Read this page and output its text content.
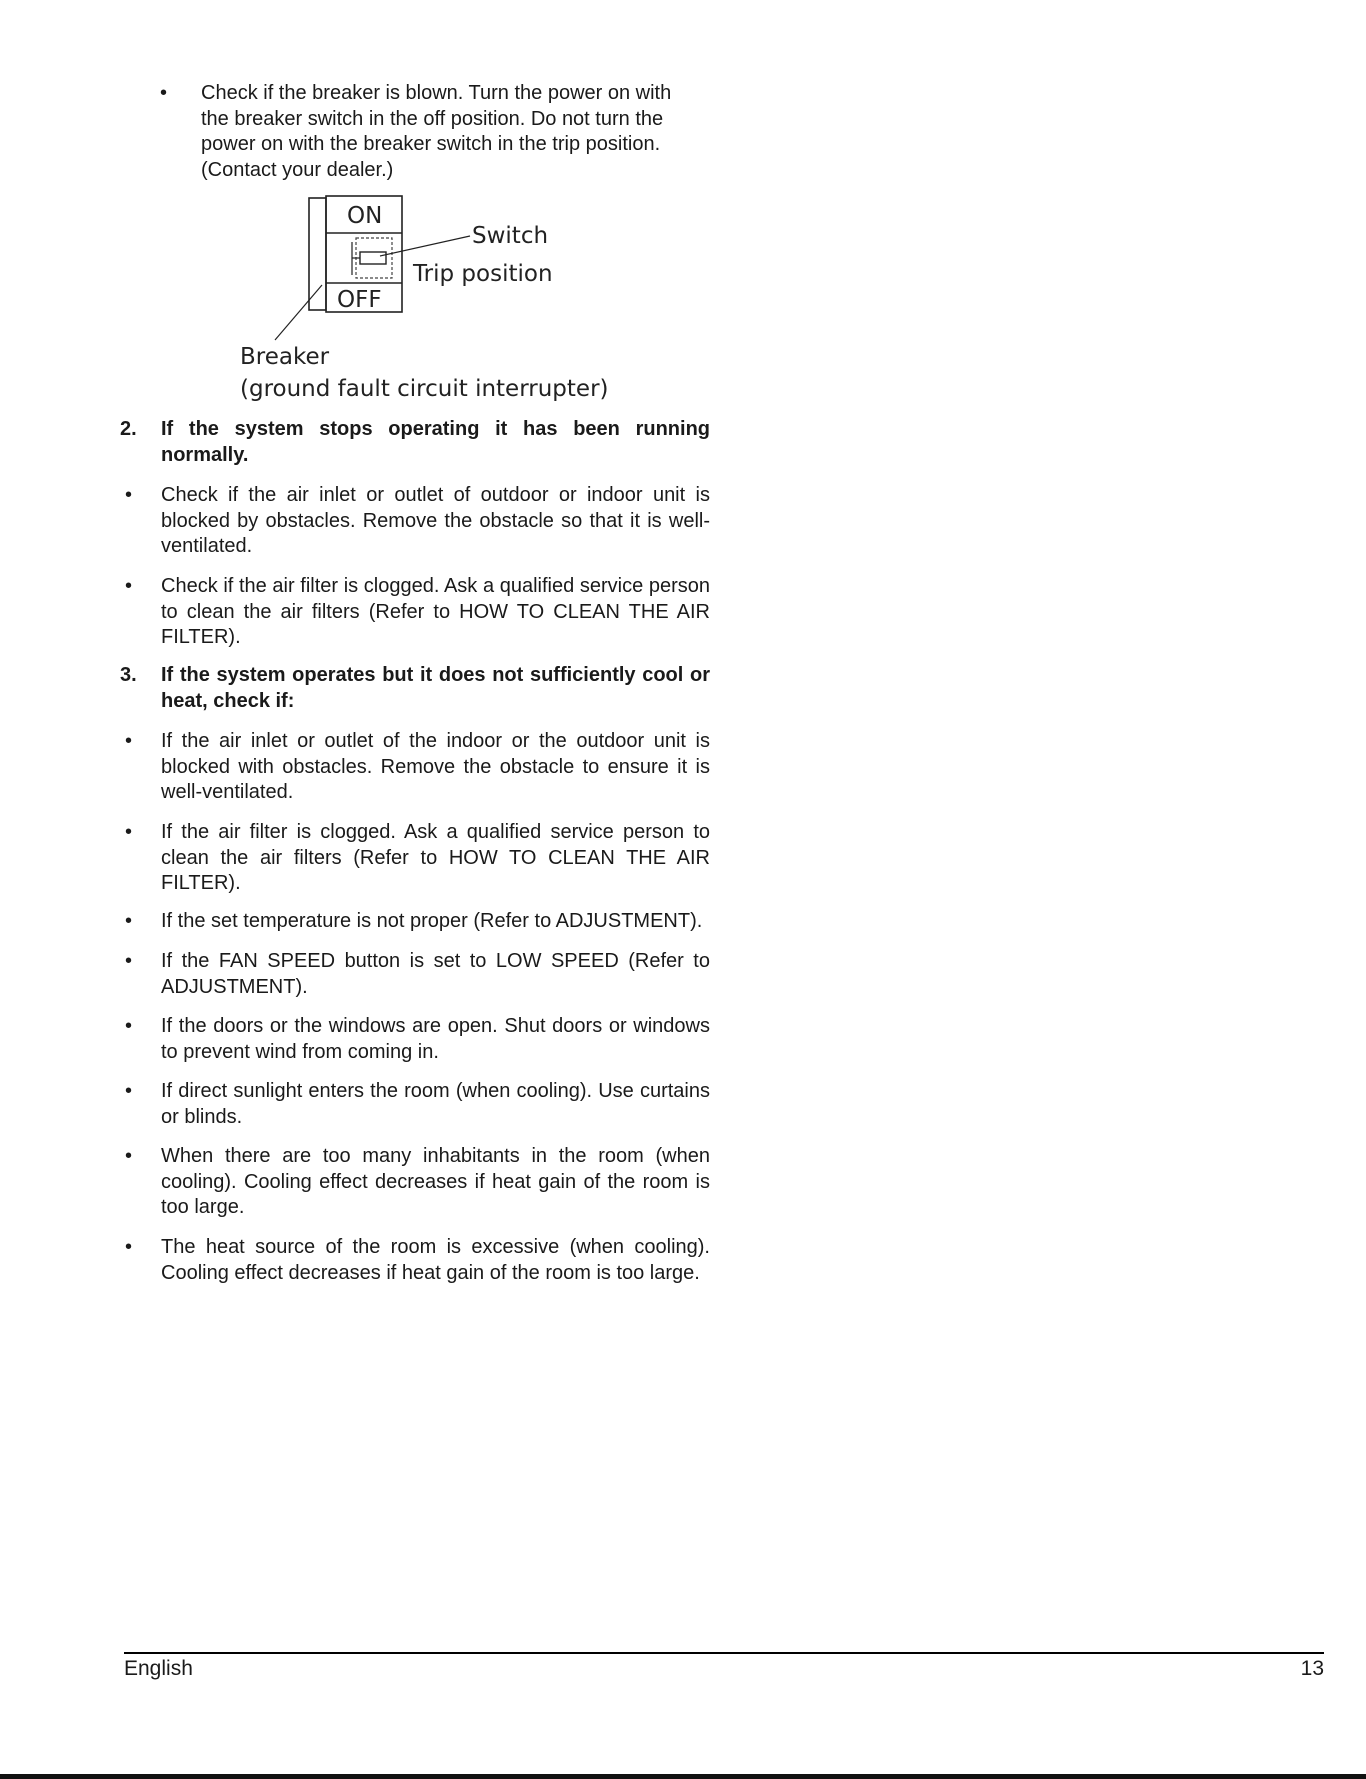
• Check if the breaker is blown. Turn the power on with the breaker switch in the off position. Do not turn the power on with the breaker switch in the trip position. (Contact your dealer.)
ON
OFF
Switch
Trip position
Breaker
(ground fault circuit interrupter)
2. If the system stops operating it has been running normally.
• Check if the air inlet or outlet of outdoor or indoor unit is blocked by obstacles. Remove the obstacle so that it is well-ventilated.
• Check if the air filter is clogged. Ask a qualified service person to clean the air filters (Refer to HOW TO CLEAN THE AIR FILTER).
3. If the system operates but it does not sufficiently cool or heat, check if:
• If the air inlet or outlet of the indoor or the outdoor unit is blocked with obstacles. Remove the obstacle to ensure it is well-ventilated.
• If the air filter is clogged. Ask a qualified service person to clean the air filters (Refer to HOW TO CLEAN THE AIR FILTER).
• If the set temperature is not proper (Refer to ADJUSTMENT).
• If the FAN SPEED button is set to LOW SPEED (Refer to ADJUSTMENT).
• If the doors or the windows are open. Shut doors or windows to prevent wind from coming in.
• If direct sunlight enters the room (when cooling). Use curtains or blinds.
• When there are too many inhabitants in the room (when cooling). Cooling effect decreases if heat gain of the room is too large.
• The heat source of the room is excessive (when cooling). Cooling effect decreases if heat gain of the room is too large.
English	13
